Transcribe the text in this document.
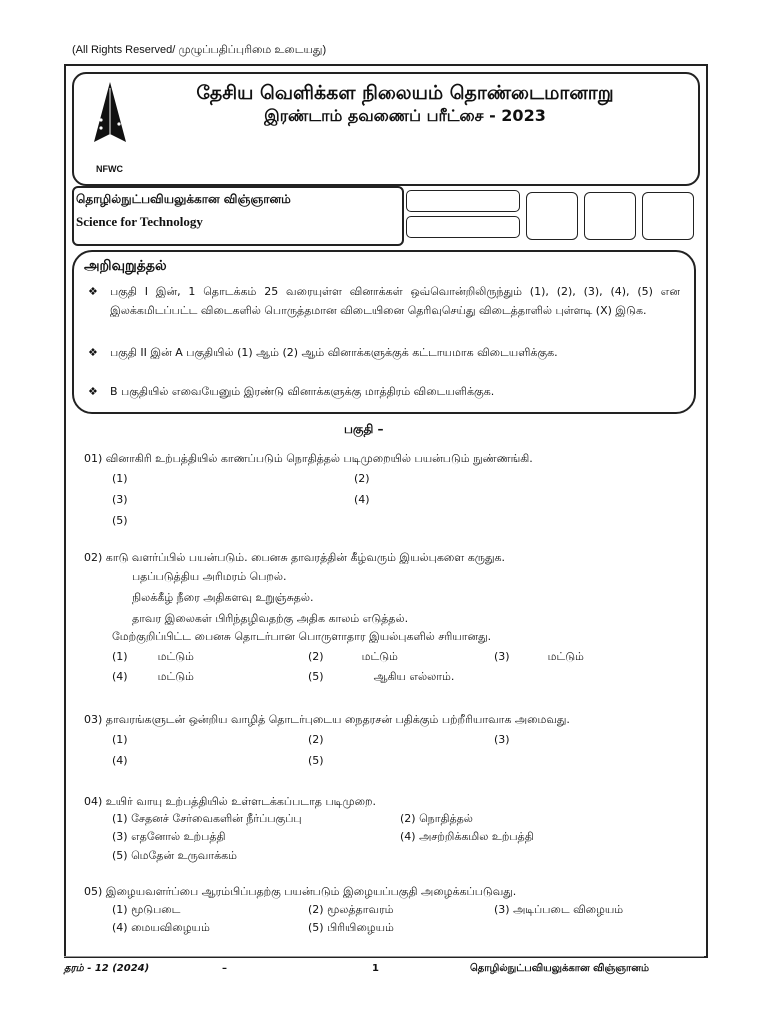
(All Rights Reserved/ முழுப்பதிப்புரிமை உடையது)
NFWC
தேசிய வெளிக்கள நிலையம் தொண்டைமானாறு
இரண்டாம் தவணைப் பரீட்சை - 2023
தொழில்நுட்பவியலுக்கான விஞ்ஞானம்
Science for Technology
அறிவுறுத்தல்
❖ பகுதி I இன், 1 தொடக்கம் 25 வரையுள்ள வினாக்கள் ஒவ்வொன்றிலிருந்தும் (1), (2), (3), (4), (5) என இலக்கமிடப்பட்ட விடைகளில் பொருத்தமான விடையினை தெரிவுசெய்து விடைத்தாளில் புள்ளடி (X) இடுக.
❖ பகுதி II இன் A பகுதியில் (1) ஆம் (2) ஆம் வினாக்களுக்குக் கட்டாயமாக விடையளிக்குக.
❖ B பகுதியில் எவையேனும் இரண்டு வினாக்களுக்கு மாத்திரம் விடையளிக்குக.
பகுதி –
01) வினாகிரி உற்பத்தியில் காணப்படும் நொதித்தல் படிமுறையில் பயன்படும் நுண்ணங்கி.
(1)	(2)
(3)	(4)
(5)
02) காடு வளர்ப்பில் பயன்படும். பைனசு தாவரத்தின் கீழ்வரும் இயல்புகளை கருதுக.
பதப்படுத்திய அரிமரம் பெறல்.
நிலக்கீழ் நீரை அதிகளவு உறுஞ்சுதல்.
தாவர இலைகள் பிரிந்தழிவதற்கு அதிக காலம் எடுத்தல்.
மேற்குறிப்பிட்ட பைனசு தொடர்பான பொருளாதார இயல்புகளில் சரியானது.
(1)	மட்டும்	(2)	மட்டும்	(3)	மட்டும்
(4)	மட்டும்	(5)	ஆகிய எல்லாம்.
03) தாவரங்களுடன் ஒன்றிய வாழித் தொடர்புடைய நைதரசன் பதிக்கும் பற்றீரியாவாக அமைவது.
(1)	(2)	(3)
(4)	(5)
04) உயிர் வாயு உற்பத்தியில் உள்ளடக்கப்படாத படிமுறை.
(1) சேதனச் சேர்வைகளின் நீர்ப்பகுப்பு	(2) நொதித்தல்
(3) எதனோல் உற்பத்தி	(4) அசற்றிக்கமில உற்பத்தி
(5) மெதேன் உருவாக்கம்
05) இழையவளர்ப்பை ஆரம்பிப்பதற்கு பயன்படும் இழையப்பகுதி அழைக்கப்படுவது.
(1) மூடுபடை	(2) மூலத்தாவரம்	(3) அடிப்படை விழையம்
(4) மையவிழையம்	(5) பிரியிழையம்
தரம் - 12 (2024)	–	1	தொழில்நுட்பவியலுக்கான விஞ்ஞானம்
